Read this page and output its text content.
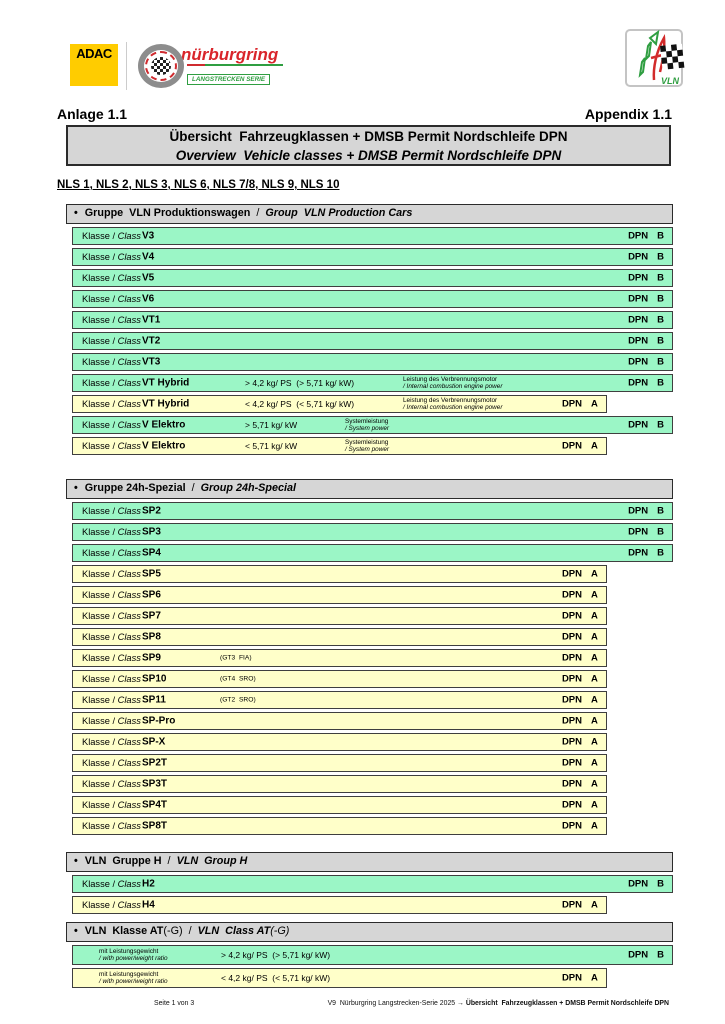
ADAC	nürburgring
LANGSTRECKEN SERIE	VLN
Anlage 1.1	Appendix 1.1
Übersicht  Fahrzeugklassen + DMSB Permit Nordschleife DPN
Overview  Vehicle classes + DMSB Permit Nordschleife DPN
NLS 1, NLS 2, NLS 3, NLS 6, NLS 7/8, NLS 9, NLS 10
• Gruppe  VLN Produktionswagen / Group  VLN Production Cars
Klasse / Class V3	DPN B
Klasse / Class V4	DPN B
Klasse / Class V5	DPN B
Klasse / Class V6	DPN B
Klasse / Class VT1	DPN B
Klasse / Class VT2	DPN B
Klasse / Class VT3	DPN B
Klasse / Class VT Hybrid	> 4,2 kg/ PS  (> 5,71 kg/ kW)	Leistung des Verbrennungsmotor
/ Internal combustion engine power	DPN B
Klasse / Class VT Hybrid	< 4,2 kg/ PS  (< 5,71 kg/ kW)	Leistung des Verbrennungsmotor
/ Internal combustion engine power	DPN A
Klasse / Class V Elektro	> 5,71 kg/ kW	Systemleistung
/ System power	DPN B
Klasse / Class V Elektro	< 5,71 kg/ kW	Systemleistung
/ System power	DPN A
• Gruppe 24h-Spezial / Group 24h-Special
Klasse / Class SP2	DPN B
Klasse / Class SP3	DPN B
Klasse / Class SP4	DPN B
Klasse / Class SP5	DPN A
Klasse / Class SP6	DPN A
Klasse / Class SP7	DPN A
Klasse / Class SP8	DPN A
Klasse / Class SP9	(GT3  FIA)	DPN A
Klasse / Class SP10	(GT4  SRO)	DPN A
Klasse / Class SP11	(GT2  SRO)	DPN A
Klasse / Class SP-Pro	DPN A
Klasse / Class SP-X	DPN A
Klasse / Class SP2T	DPN A
Klasse / Class SP3T	DPN A
Klasse / Class SP4T	DPN A
Klasse / Class SP8T	DPN A
• VLN  Gruppe H / VLN  Group H
Klasse / Class H2	DPN B
Klasse / Class H4	DPN A
• VLN  Klasse AT(-G) / VLN  Class AT(-G)
mit Leistungsgewicht
/ with power/weight ratio	> 4,2 kg/ PS  (> 5,71 kg/ kW)	DPN B
mit Leistungsgewicht
/ with power/weight ratio	< 4,2 kg/ PS  (< 5,71 kg/ kW)	DPN A
Seite 1 von 3	V9  Nürburgring Langstrecken-Serie 2025 → Übersicht  Fahrzeugklassen + DMSB Permit Nordschleife DPN
